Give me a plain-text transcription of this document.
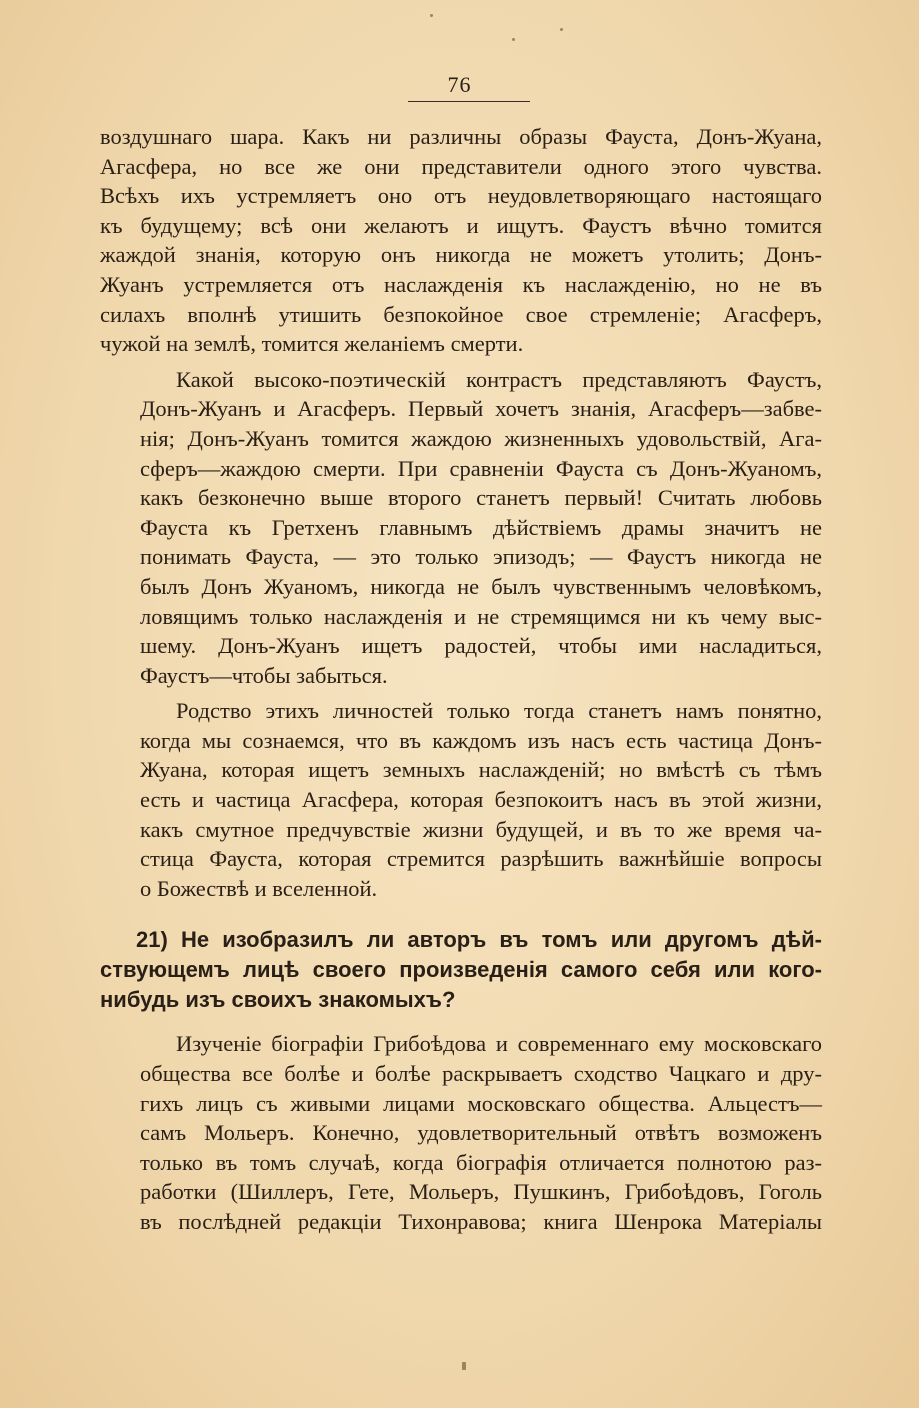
76

воздушнаго шара. Какъ ни различны образы Фауста, Донъ-Жуана,
Агасфера, но все же они представители одного этого чувства.
Всѣхъ ихъ устремляетъ оно отъ неудовлетворяющаго настоящаго
къ будущему; всѣ они желаютъ и ищутъ. Фаустъ вѣчно томится
жаждой знанія, которую онъ никогда не можетъ утолить; Донъ-
Жуанъ устремляется отъ наслажденія къ наслажденію, но не въ
силахъ вполнѣ утишить безпокойное свое стремленіе; Агасферъ,
чужой на землѣ, томится желаніемъ смерти.

Какой высоко-поэтическій контрастъ представляютъ Фаустъ,
Донъ-Жуанъ и Агасферъ. Первый хочетъ знанія, Агасферъ—забве-
нія; Донъ-Жуанъ томится жаждою жизненныхъ удовольствій, Ага-
сферъ—жаждою смерти. При сравненіи Фауста съ Донъ-Жуаномъ,
какъ безконечно выше второго станетъ первый! Считать любовь
Фауста къ Гретхенъ главнымъ дѣйствіемъ драмы значитъ не
понимать Фауста, — это только эпизодъ; — Фаустъ никогда не
былъ Донъ Жуаномъ, никогда не былъ чувственнымъ человѣкомъ,
ловящимъ только наслажденія и не стремящимся ни къ чему выс-
шему. Донъ-Жуанъ ищетъ радостей, чтобы ими насладиться,
Фаустъ—чтобы забыться.

Родство этихъ личностей только тогда станетъ намъ понятно,
когда мы сознаемся, что въ каждомъ изъ насъ есть частица Донъ-
Жуана, которая ищетъ земныхъ наслажденій; но вмѣстѣ съ тѣмъ
есть и частица Агасфера, которая безпокоитъ насъ въ этой жизни,
какъ смутное предчувствіе жизни будущей, и въ то же время ча-
стица Фауста, которая стремится разрѣшить важнѣйшіе вопросы
о Божествѣ и вселенной.

21) Не изобразилъ ли авторъ въ томъ или другомъ дѣй-
ствующемъ лицѣ своего произведенія самого себя или кого-
нибудь изъ своихъ знакомыхъ?

Изученіе біографіи Грибоѣдова и современнаго ему московскаго
общества все болѣе и болѣе раскрываетъ сходство Чацкаго и дру-
гихъ лицъ съ живыми лицами московскаго общества. Альцестъ—
самъ Мольеръ. Конечно, удовлетворительный отвѣтъ возможенъ
только въ томъ случаѣ, когда біографія отличается полнотою раз-
работки (Шиллеръ, Гете, Мольеръ, Пушкинъ, Грибоѣдовъ, Гоголь
въ послѣдней редакціи Тихонравова; книга Шенрока Матеріалы
